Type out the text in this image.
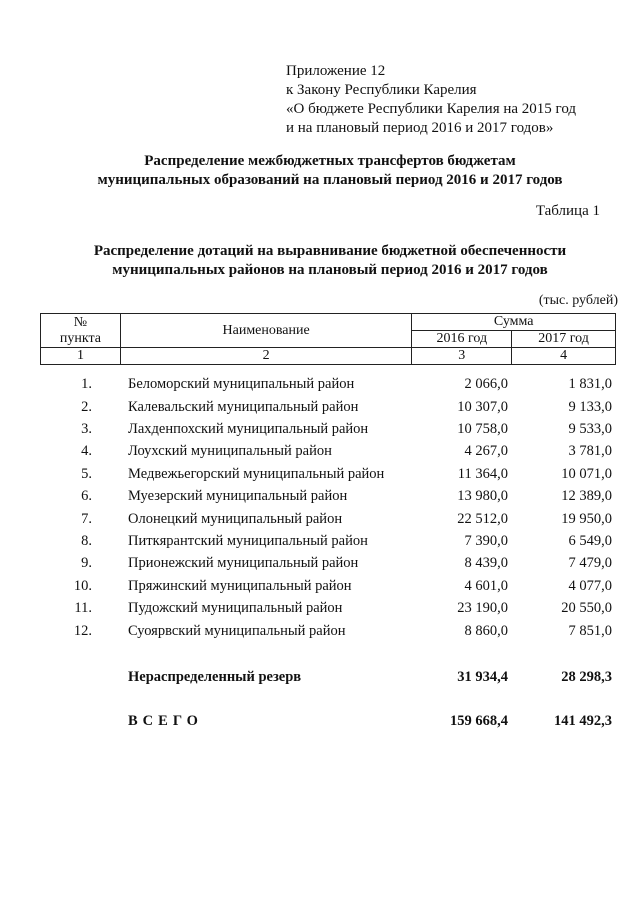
Приложение 12
к Закону Республики Карелия
«О бюджете Республики Карелия на 2015 год
и на плановый период 2016 и 2017 годов»
Распределение межбюджетных трансфертов бюджетам
муниципальных образований на плановый период 2016 и 2017 годов
Таблица 1
Распределение дотаций на выравнивание бюджетной обеспеченности
муниципальных районов на плановый период 2016 и 2017 годов
(тыс. рублей)
№
пункта	Наименование	Сумма	
		2016 год	2017 год
1	2	3	4
1. Беломорский муниципальный район	2 066,0	1 831,0
2. Калевальский муниципальный район	10 307,0	9 133,0
3. Лахденпохский муниципальный район	10 758,0	9 533,0
4. Лоухский муниципальный район	4 267,0	3 781,0
5. Медвежьегорский муниципальный район	11 364,0	10 071,0
6. Муезерский муниципальный район	13 980,0	12 389,0
7. Олонецкий муниципальный район	22 512,0	19 950,0
8. Питкярантский муниципальный район	7 390,0	6 549,0
9. Прионежский муниципальный район	8 439,0	7 479,0
10. Пряжинский муниципальный район	4 601,0	4 077,0
11. Пудожский муниципальный район	23 190,0	20 550,0
12. Суоярвский муниципальный район	8 860,0	7 851,0
Нераспределенный резерв	31 934,4	28 298,3
ВСЕГО	159 668,4	141 492,3
